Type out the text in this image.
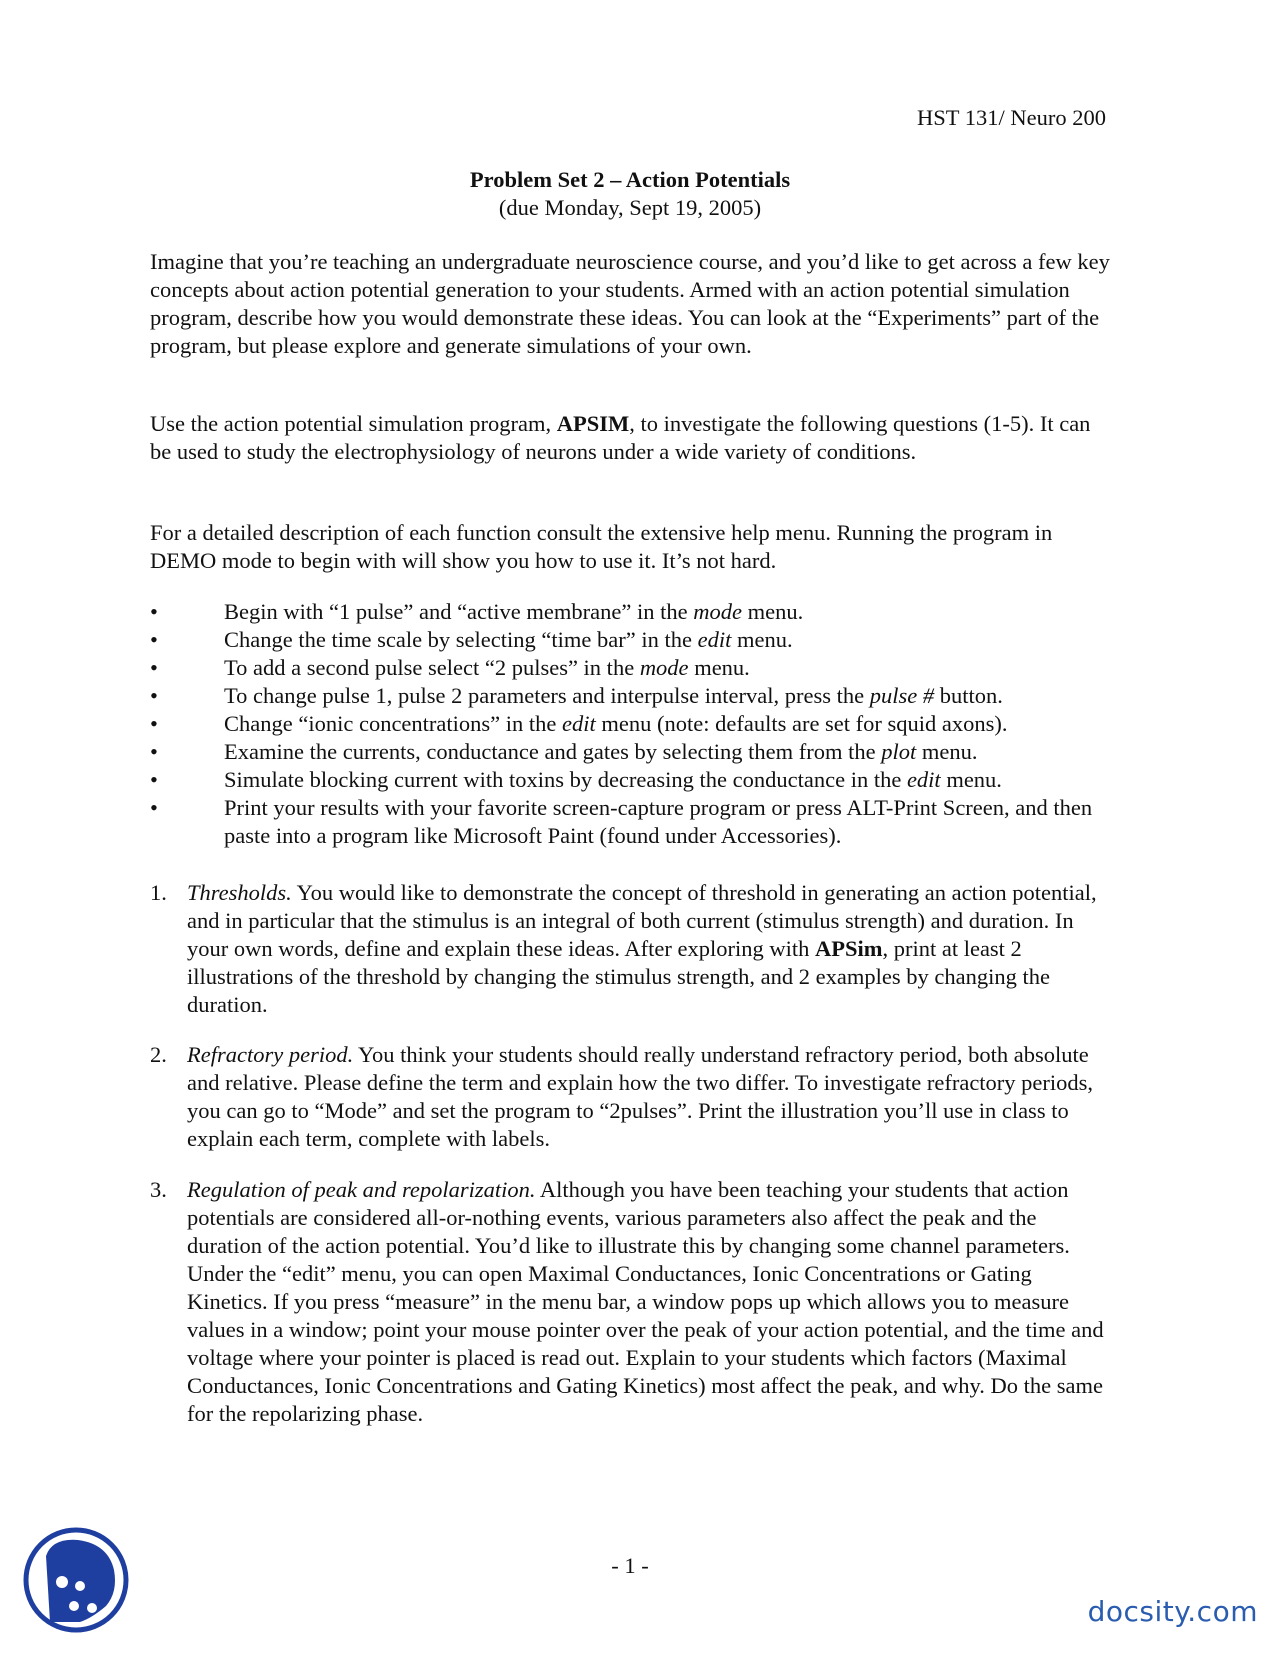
HST 131/ Neuro 200
Problem Set 2 – Action Potentials
(due Monday, Sept 19, 2005)
Imagine that you’re teaching an undergraduate neuroscience course, and you’d like to get across a few key concepts about action potential generation to your students. Armed with an action potential simulation program, describe how you would demonstrate these ideas. You can look at the “Experiments” part of the program, but please explore and generate simulations of your own.
Use the action potential simulation program, APSIM, to investigate the following questions (1-5). It can be used to study the electrophysiology of neurons under a wide variety of conditions.
For a detailed description of each function consult the extensive help menu. Running the program in DEMO mode to begin with will show you how to use it. It’s not hard.
•	Begin with “1 pulse” and “active membrane” in the mode menu.
•	Change the time scale by selecting “time bar” in the edit menu.
•	To add a second pulse select “2 pulses” in the mode menu.
•	To change pulse 1, pulse 2 parameters and interpulse interval, press the pulse # button.
•	Change “ionic concentrations” in the edit menu (note: defaults are set for squid axons).
•	Examine the currents, conductance and gates by selecting them from the plot menu.
•	Simulate blocking current with toxins by decreasing the conductance in the edit menu.
•	Print your results with your favorite screen-capture program or press ALT-Print Screen, and then paste into a program like Microsoft Paint (found under Accessories).
1. Thresholds. You would like to demonstrate the concept of threshold in generating an action potential, and in particular that the stimulus is an integral of both current (stimulus strength) and duration. In your own words, define and explain these ideas. After exploring with APSim, print at least 2 illustrations of the threshold by changing the stimulus strength, and 2 examples by changing the duration.
2. Refractory period. You think your students should really understand refractory period, both absolute and relative. Please define the term and explain how the two differ. To investigate refractory periods, you can go to “Mode” and set the program to “2pulses”. Print the illustration you’ll use in class to explain each term, complete with labels.
3. Regulation of peak and repolarization. Although you have been teaching your students that action potentials are considered all-or-nothing events, various parameters also affect the peak and the duration of the action potential. You’d like to illustrate this by changing some channel parameters. Under the “edit” menu, you can open Maximal Conductances, Ionic Concentrations or Gating Kinetics. If you press “measure” in the menu bar, a window pops up which allows you to measure values in a window; point your mouse pointer over the peak of your action potential, and the time and voltage where your pointer is placed is read out. Explain to your students which factors (Maximal Conductances, Ionic Concentrations and Gating Kinetics) most affect the peak, and why. Do the same for the repolarizing phase.
- 1 -
docsity.com
